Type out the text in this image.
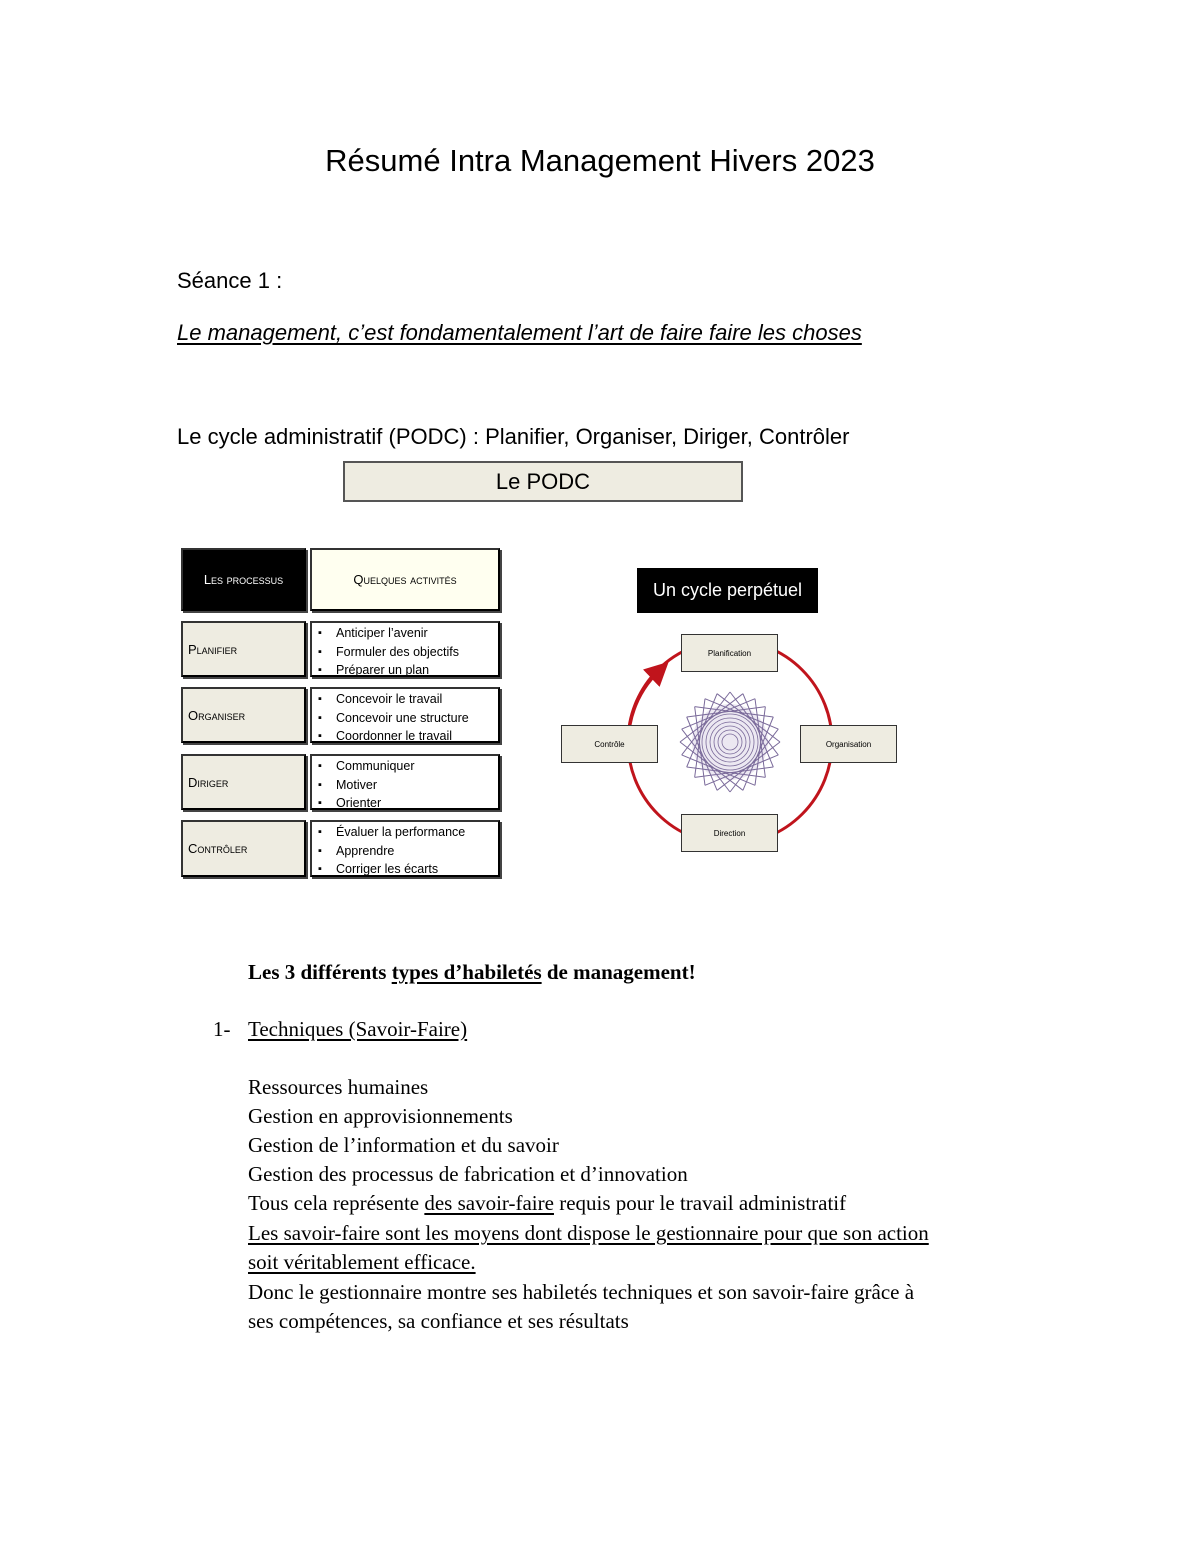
Résumé Intra Management Hivers 2023
Séance 1 :
Le management, c’est fondamentalement l’art de faire faire les choses
Le cycle administratif (PODC) : Planifier, Organiser, Diriger, Contrôler
Le PODC
Les processus	Quelques activités
Planifier
▪ Anticiper l’avenir
▪ Formuler des objectifs
▪ Préparer un plan
Organiser
▪ Concevoir le travail
▪ Concevoir une structure
▪ Coordonner le travail
Diriger
▪ Communiquer
▪ Motiver
▪ Orienter
Contrôler
▪ Évaluer la performance
▪ Apprendre
▪ Corriger les écarts
Un cycle perpétuel
Planification
Organisation
Direction
Contrôle
Les 3 différents types d’habiletés de management!
1- Techniques (Savoir-Faire)
Ressources humaines
Gestion en approvisionnements
Gestion de l’information et du savoir
Gestion des processus de fabrication et d’innovation
Tous cela représente des savoir-faire requis pour le travail administratif
Les savoir-faire sont les moyens dont dispose le gestionnaire pour que son action
soit véritablement efficace.
Donc le gestionnaire montre ses habiletés techniques et son savoir-faire grâce à
ses compétences, sa confiance et ses résultats
